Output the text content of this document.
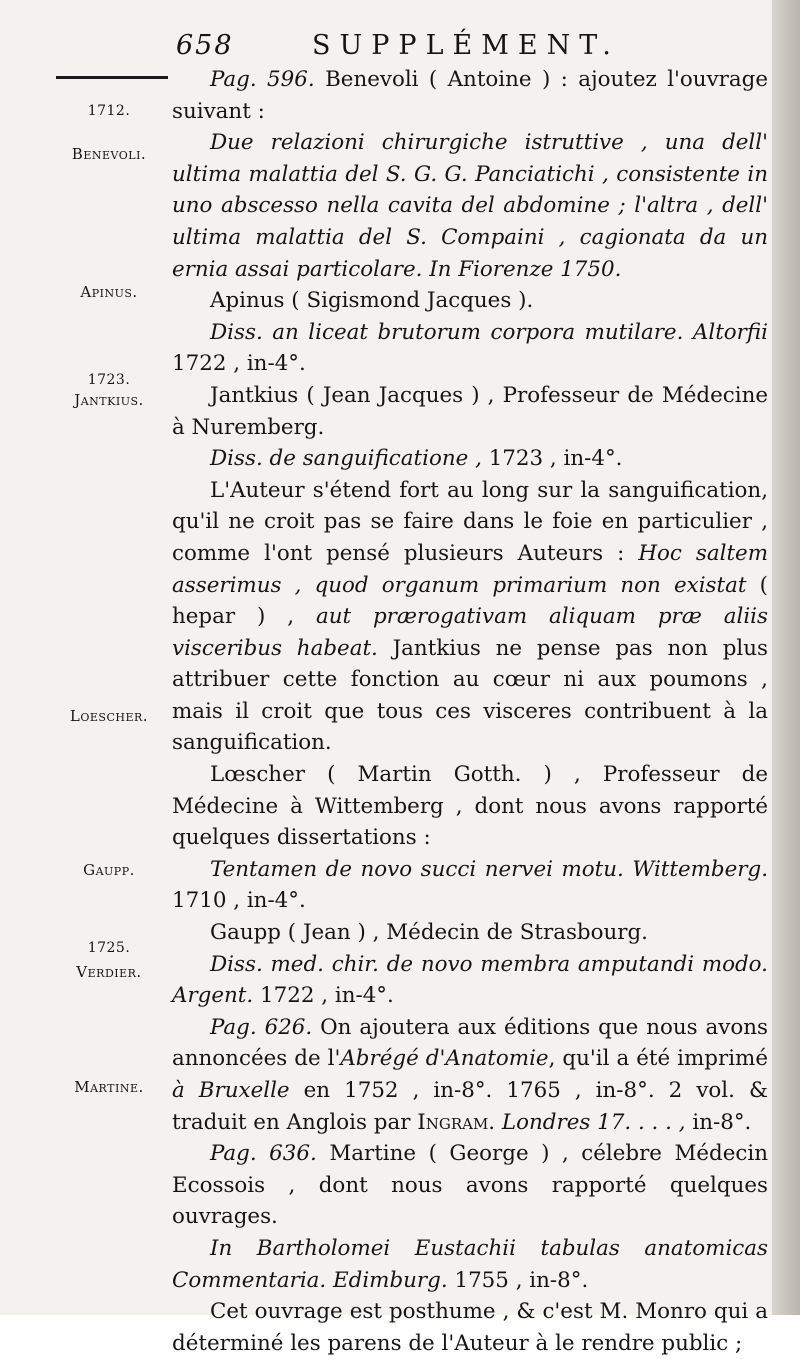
658	SUPPLÉMENT.
1712.
Benevoli.
Apinus.
1723.
Jantkius.
Loescher.
Gaupp.
1725.
Verdier.
Martine.

Pag. 596. Benevoli ( Antoine ) : ajoutez l'ouvrage suivant :

Due relazioni chirurgiche istruttive , una dell' ultima malattia del S. G. G. Panciatichi , consistente in uno abscesso nella cavita del abdomine ; l'altra , dell' ultima malattia del S. Compaini , cagionata da un ernia assai particolare. In Fiorenze 1750.

Apinus ( Sigismond Jacques ).

Diss. an liceat brutorum corpora mutilare. Altorfii 1722 , in-4°.

Jantkius ( Jean Jacques ) , Professeur de Médecine à Nuremberg.

Diss. de sanguificatione , 1723 , in-4°.

L'Auteur s'étend fort au long sur la sanguification, qu'il ne croit pas se faire dans le foie en particulier , comme l'ont pensé plusieurs Auteurs : Hoc saltem asserimus , quod organum primarium non existat ( hepar ) , aut prærogativam aliquam præ aliis visceribus habeat. Jantkius ne pense pas non plus attribuer cette fonction au cœur ni aux poumons , mais il croit que tous ces visceres contribuent à la sanguification.

Lœscher ( Martin Gotth. ) , Professeur de Médecine à Wittemberg , dont nous avons rapporté quelques dissertations :

Tentamen de novo succi nervei motu. Wittemberg. 1710 , in-4°.

Gaupp ( Jean ) , Médecin de Strasbourg.

Diss. med. chir. de novo membra amputandi modo. Argent. 1722 , in-4°.

Pag. 626. On ajoutera aux éditions que nous avons annoncées de l'Abrégé d'Anatomie, qu'il a été imprimé à Bruxelle en 1752 , in-8°. 1765 , in-8°. 2 vol. & traduit en Anglois par Ingram. Londres 17. . . . , in-8°.

Pag. 636. Martine ( George ) , célebre Médecin Ecossois , dont nous avons rapporté quelques ouvrages.

In Bartholomei Eustachii tabulas anatomicas Commentaria. Edimburg. 1755 , in-8°.

Cet ouvrage est posthume , & c'est M. Monro qui a déterminé les parens de l'Auteur à le rendre public ;
